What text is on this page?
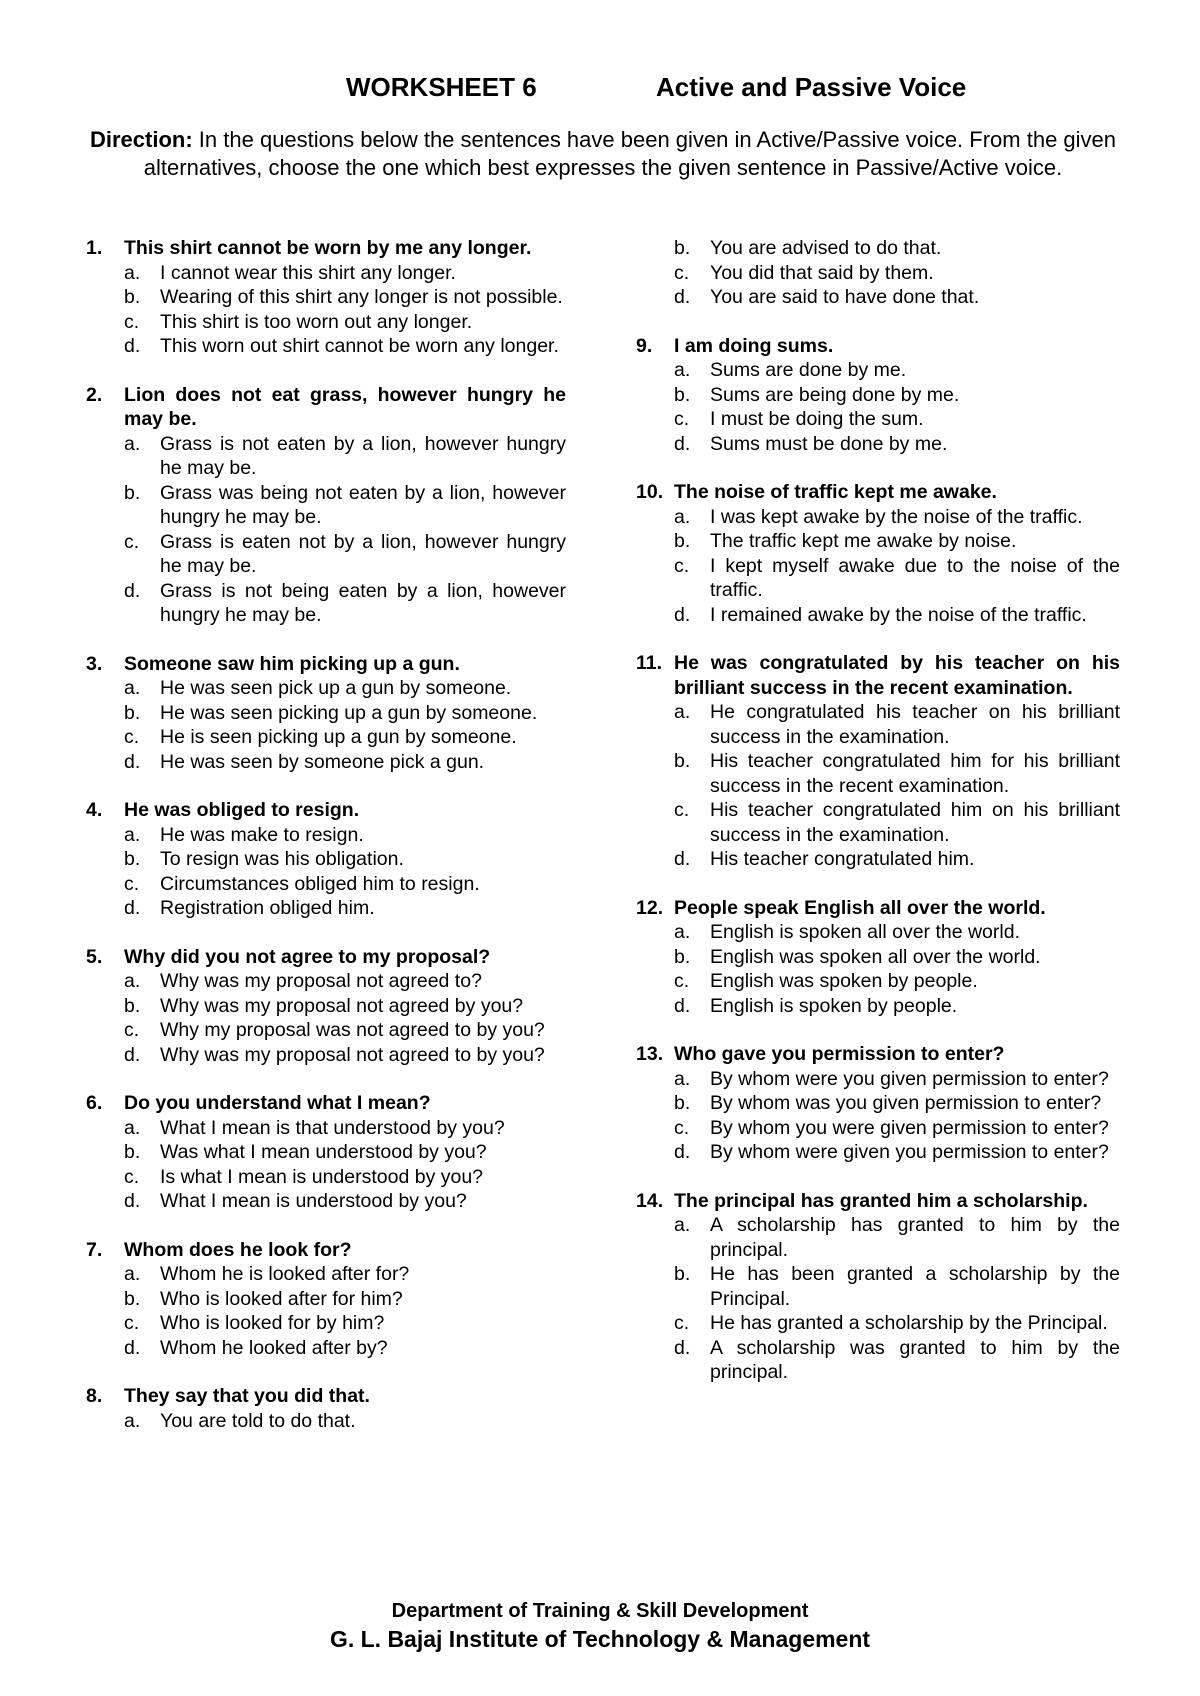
WORKSHEET 6	Active and Passive Voice
Direction: In the questions below the sentences have been given in Active/Passive voice. From the given alternatives, choose the one which best expresses the given sentence in Passive/Active voice.
1.	This shirt cannot be worn by me any longer.
a.	I cannot wear this shirt any longer.
b.	Wearing of this shirt any longer is not possible.
c.	This shirt is too worn out any longer.
d.	This worn out shirt cannot be worn any longer.
2.	Lion does not eat grass, however hungry he may be.
a.	Grass is not eaten by a lion, however hungry he may be.
b.	Grass was being not eaten by a lion, however hungry he may be.
c.	Grass is eaten not by a lion, however hungry he may be.
d.	Grass is not being eaten by a lion, however hungry he may be.
3.	Someone saw him picking up a gun.
a.	He was seen pick up a gun by someone.
b.	He was seen picking up a gun by someone.
c.	He is seen picking up a gun by someone.
d.	He was seen by someone pick a gun.
4.	He was obliged to resign.
a.	He was make to resign.
b.	To resign was his obligation.
c.	Circumstances obliged him to resign.
d.	Registration obliged him.
5.	Why did you not agree to my proposal?
a.	Why was my proposal not agreed to?
b.	Why was my proposal not agreed by you?
c.	Why my proposal was not agreed to by you?
d.	Why was my proposal not agreed to by you?
6.	Do you understand what I mean?
a.	What I mean is that understood by you?
b.	Was what I mean understood by you?
c.	Is what I mean is understood by you?
d.	What I mean is understood by you?
7.	Whom does he look for?
a.	Whom he is looked after for?
b.	Who is looked after for him?
c.	Who is looked for by him?
d.	Whom he looked after by?
8.	They say that you did that.
a.	You are told to do that.
b.	You are advised to do that.
c.	You did that said by them.
d.	You are said to have done that.
9.	I am doing sums.
a.	Sums are done by me.
b.	Sums are being done by me.
c.	I must be doing the sum.
d.	Sums must be done by me.
10. The noise of traffic kept me awake.
a.	I was kept awake by the noise of the traffic.
b.	The traffic kept me awake by noise.
c.	I kept myself awake due to the noise of the traffic.
d.	I remained awake by the noise of the traffic.
11. He was congratulated by his teacher on his brilliant success in the recent examination.
a.	He congratulated his teacher on his brilliant success in the examination.
b.	His teacher congratulated him for his brilliant success in the recent examination.
c.	His teacher congratulated him on his brilliant success in the examination.
d.	His teacher congratulated him.
12. People speak English all over the world.
a.	English is spoken all over the world.
b.	English was spoken all over the world.
c.	English was spoken by people.
d.	English is spoken by people.
13. Who gave you permission to enter?
a.	By whom were you given permission to enter?
b.	By whom was you given permission to enter?
c.	By whom you were given permission to enter?
d.	By whom were given you permission to enter?
14. The principal has granted him a scholarship.
a.	A scholarship has granted to him by the principal.
b.	He has been granted a scholarship by the Principal.
c.	He has granted a scholarship by the Principal.
d.	A scholarship was granted to him by the principal.
Department of Training & Skill Development
G. L. Bajaj Institute of Technology & Management
